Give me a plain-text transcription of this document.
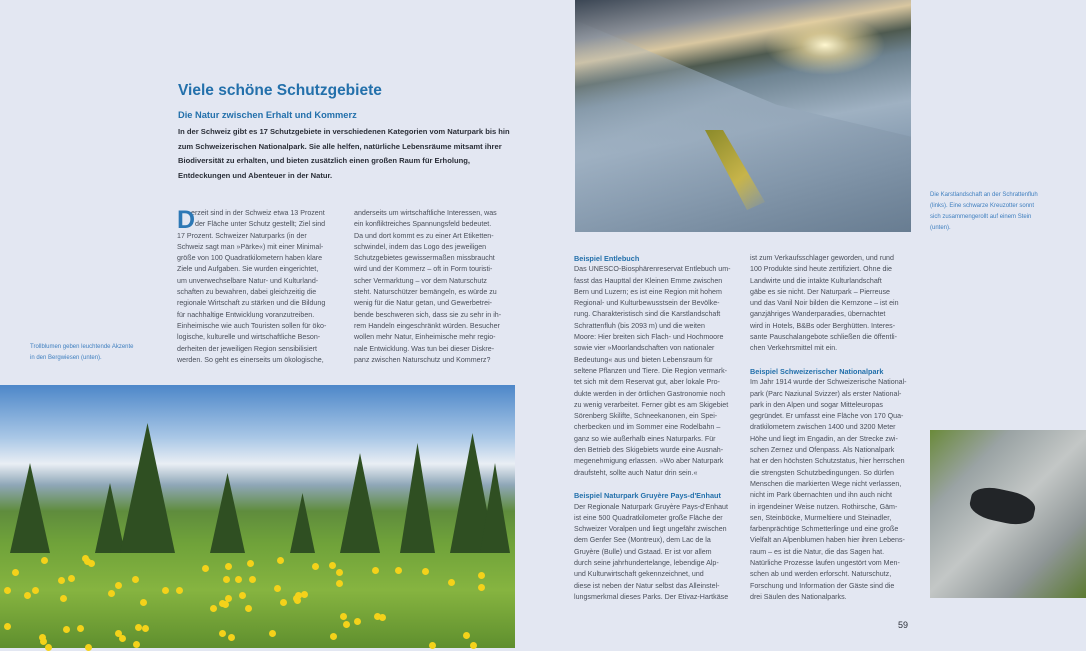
Viele schöne Schutzgebiete
Die Natur zwischen Erhalt und Kommerz
In der Schweiz gibt es 17 Schutzgebiete in verschiedenen Kategorien vom Naturpark bis hin zum Schweizerischen Nationalpark. Sie alle helfen, natürliche Lebensräume mitsamt ihrer Biodiversität zu erhalten, und bieten zusätzlich einen großen Raum für Erholung, Entdeckungen und Abenteuer in der Natur.
D
erzeit sind in der Schweiz etwa 13 Prozent
der Fläche unter Schutz gestellt; Ziel sind
17 Prozent. Schweizer Naturparks (in der
Schweiz sagt man »Pärke«) mit einer Minimal-
größe von 100 Quadratkilometern haben klare
Ziele und Aufgaben. Sie wurden eingerichtet,
um unverwechselbare Natur- und Kulturland-
schaften zu bewahren, dabei gleichzeitig die
regionale Wirtschaft zu stärken und die Bildung
für nachhaltige Entwicklung voranzutreiben.
Einheimische wie auch Touristen sollen für öko-
logische, kulturelle und wirtschaftliche Beson-
derheiten der jeweiligen Region sensibilisiert
werden. So geht es einerseits um ökologische,
anderseits um wirtschaftliche Interessen, was
ein konfliktreiches Spannungsfeld bedeutet.
Da und dort kommt es zu einer Art Etiketten-
schwindel, indem das Logo des jeweiligen
Schutzgebietes gewissermaßen missbraucht
wird und der Kommerz – oft in Form touristi-
scher Vermarktung – vor dem Naturschutz
steht. Naturschützer bemängeln, es würde zu
wenig für die Natur getan, und Gewerbetrei-
bende beschweren sich, dass sie zu sehr in ih-
rem Handeln eingeschränkt würden. Besucher
wollen mehr Natur, Einheimische mehr regio-
nale Entwicklung. Was tun bei dieser Diskre-
panz zwischen Naturschutz und Kommerz?
Beispiel Entlebuch
Das UNESCO-Biosphärenreservat Entlebuch um-
fasst das Haupttal der Kleinen Emme zwischen
Bern und Luzern; es ist eine Region mit hohem
Regional- und Kulturbewusstsein der Bevölke-
rung. Charakteristisch sind die Karstlandschaft
Schrattenfluh (bis 2093 m) und die weiten
Moore: Hier breiten sich Flach- und Hochmoore
sowie vier »Moorlandschaften von nationaler
Bedeutung« aus und bieten Lebensraum für
seltene Pflanzen und Tiere. Die Region vermark-
tet sich mit dem Reservat gut, aber lokale Pro-
dukte werden in der örtlichen Gastronomie noch
zu wenig verarbeitet. Ferner gibt es am Skigebiet
Sörenberg Skilifte, Schneekanonen, ein Spei-
cherbecken und im Sommer eine Rodelbahn –
ganz so wie außerhalb eines Naturparks. Für
den Betrieb des Skigebiets wurde eine Ausnah-
megenehmigung erlassen. »Wo aber Naturpark
draufsteht, sollte auch Natur drin sein.«
Beispiel Naturpark Gruyère Pays-d'Enhaut
Der Regionale Naturpark Gruyère Pays-d'Enhaut
ist eine 500 Quadratkilometer große Fläche der
Schweizer Voralpen und liegt ungefähr zwischen
dem Genfer See (Montreux), dem Lac de la
Gruyère (Bulle) und Gstaad. Er ist vor allem
durch seine jahrhundertelange, lebendige Alp-
und Kulturwirtschaft gekennzeichnet, und
diese ist neben der Natur selbst das Alleinstel-
lungsmerkmal dieses Parks. Der Etivaz-Hartkäse
ist zum Verkaufsschlager geworden, und rund
100 Produkte sind heute zertifiziert. Ohne die
Landwirte und die intakte Kulturlandschaft
gäbe es sie nicht. Der Naturpark – Pierreuse
und das Vanil Noir bilden die Kernzone – ist ein
ganzjähriges Wanderparadies, übernachtet
wird in Hotels, B&Bs oder Berghütten. Interes-
sante Pauschalangebote schließen die öffentli-
chen Verkehrsmittel mit ein.
Beispiel Schweizerischer Nationalpark
Im Jahr 1914 wurde der Schweizerische National-
park (Parc Naziunal Svizzer) als erster National-
park in den Alpen und sogar Mitteleuropas
gegründet. Er umfasst eine Fläche von 170 Qua-
dratkilometern zwischen 1400 und 3200 Meter
Höhe und liegt im Engadin, an der Strecke zwi-
schen Zernez und Ofenpass. Als Nationalpark
hat er den höchsten Schutzstatus, hier herrschen
die strengsten Schutzbedingungen. So dürfen
Menschen die markierten Wege nicht verlassen,
nicht im Park übernachten und ihn auch nicht
in irgendeiner Weise nutzen. Rothirsche, Gäm-
sen, Steinböcke, Murmeltiere und Steinadler,
farbenprächtige Schmetterlinge und eine große
Vielfalt an Alpenblumen haben hier ihren Lebens-
raum – es ist die Natur, die das Sagen hat.
Natürliche Prozesse laufen ungestört vom Men-
schen ab und werden erforscht. Naturschutz,
Forschung und Information der Gäste sind die
drei Säulen des Nationalparks.
Trollblumen geben leuchtende Akzente
in den Bergwiesen (unten).
Die Karstlandschaft an der Schrattenfluh
(links). Eine schwarze Kreuzotter sonnt
sich zusammengerollt auf einem Stein
(unten).
59
